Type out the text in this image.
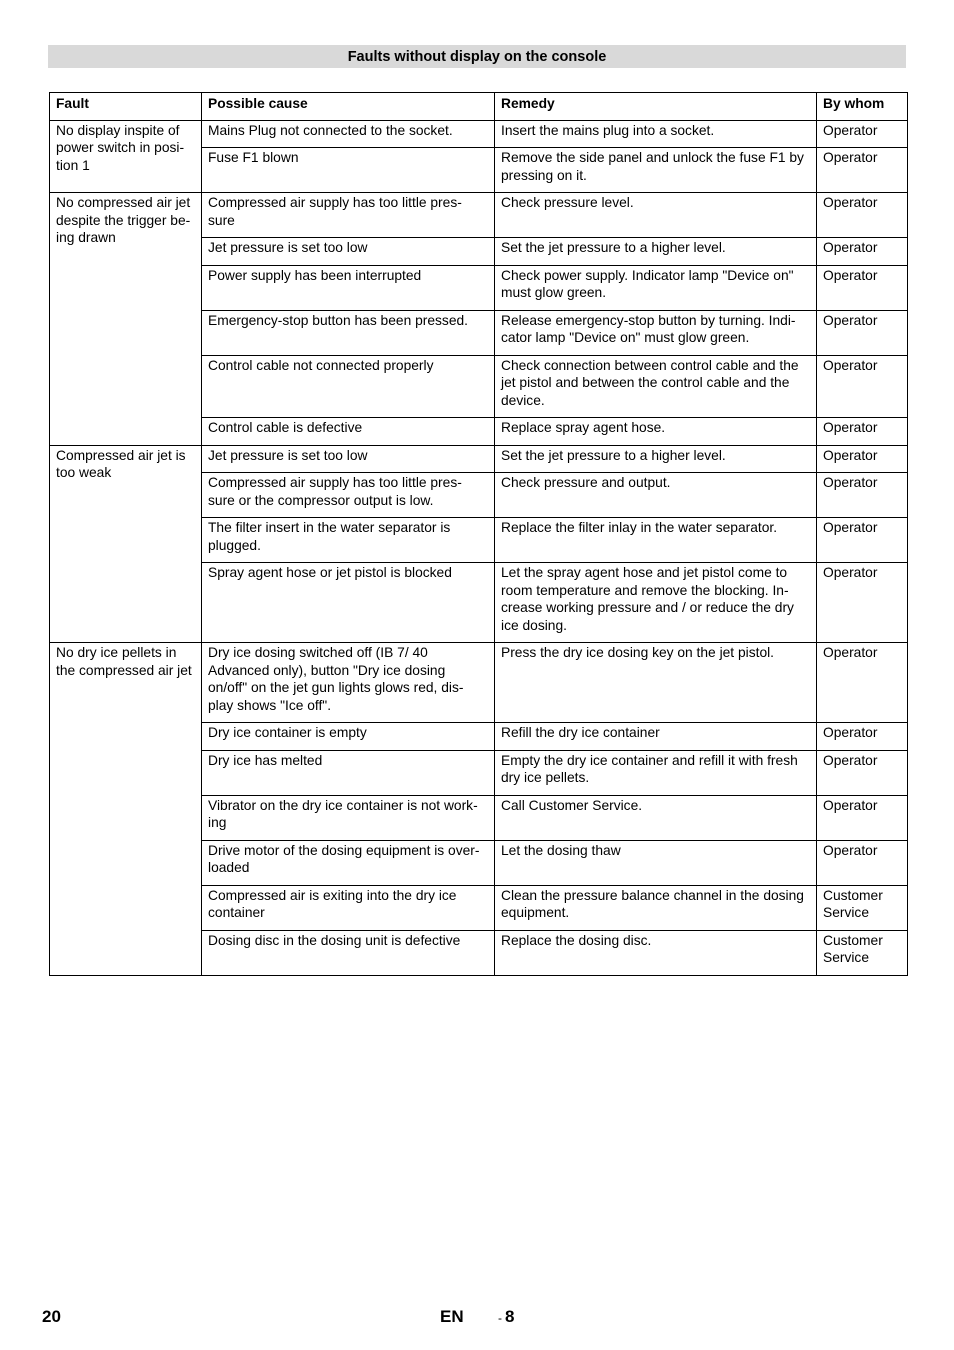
Faults without display on the console
Fault	Possible cause	Remedy	By whom
No display inspite of power switch in posi-tion 1	Mains Plug not connected to the socket.	Insert the mains plug into a socket.	Operator
	Fuse F1 blown	Remove the side panel and unlock the fuse F1 by pressing on it.	Operator
No compressed air jet despite the trigger be-ing drawn	Compressed air supply has too little pres-sure	Check pressure level.	Operator
	Jet pressure is set too low	Set the jet pressure to a higher level.	Operator
	Power supply has been interrupted	Check power supply. Indicator lamp "Device on" must glow green.	Operator
	Emergency-stop button has been pressed.	Release emergency-stop button by turning. Indi-cator lamp "Device on" must glow green.	Operator
	Control cable not connected properly	Check connection between control cable and the jet pistol and between the control cable and the device.	Operator
	Control cable is defective	Replace spray agent hose.	Operator
Compressed air jet is too weak	Jet pressure is set too low	Set the jet pressure to a higher level.	Operator
	Compressed air supply has too little pres-sure or the compressor output is low.	Check pressure and output.	Operator
	The filter insert in the water separator is plugged.	Replace the filter inlay in the water separator.	Operator
	Spray agent hose or jet pistol is blocked	Let the spray agent hose and jet pistol come to room temperature and remove the blocking. In-crease working pressure and / or reduce the dry ice dosing.	Operator
No dry ice pellets in the compressed air jet	Dry ice dosing switched off (IB 7/ 40 Advanced only), button "Dry ice dosing on/off" on the jet gun lights glows red, dis-play shows "Ice off".	Press the dry ice dosing key on the jet pistol.	Operator
	Dry ice container is empty	Refill the dry ice container	Operator
	Dry ice has melted	Empty the dry ice container and refill it with fresh dry ice pellets.	Operator
	Vibrator on the dry ice container is not work-ing	Call Customer Service.	Operator
	Drive motor of the dosing equipment is over-loaded	Let the dosing thaw	Operator
	Compressed air is exiting into the dry ice container	Clean the pressure balance channel in the dosing equipment.	Customer Service
	Dosing disc in the dosing unit is defective	Replace the dosing disc.	Customer Service
20	EN	- 8
